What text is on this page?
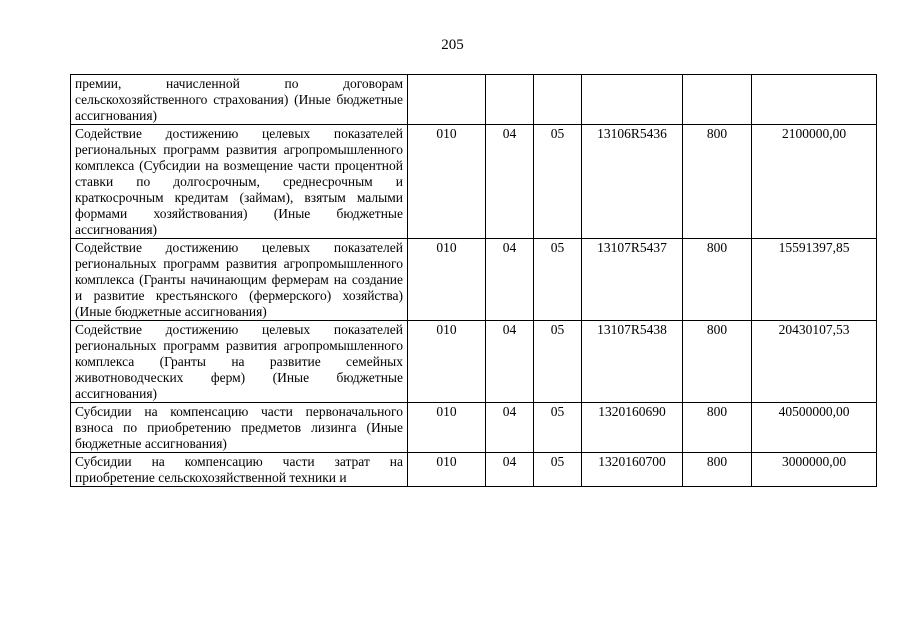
205
премии, начисленной по договорам сельскохозяйственного страхования) (Иные бюджетные ассигнования)						
Содействие достижению целевых показателей региональных программ развития агропромышленного комплекса (Субсидии на возмещение части процентной ставки по долгосрочным, среднесрочным и краткосрочным кредитам (займам), взятым малыми формами хозяйствования) (Иные бюджетные ассигнования)	010	04	05	13106R5436	800	2100000,00
Содействие достижению целевых показателей региональных программ развития агропромышленного комплекса (Гранты начинающим фермерам на создание и развитие крестьянского (фермерского) хозяйства) (Иные бюджетные ассигнования)	010	04	05	13107R5437	800	15591397,85
Содействие достижению целевых показателей региональных программ развития агропромышленного комплекса (Гранты на развитие семейных животноводческих ферм) (Иные бюджетные ассигнования)	010	04	05	13107R5438	800	20430107,53
Субсидии на компенсацию части первоначального взноса по приобретению предметов лизинга (Иные бюджетные ассигнования)	010	04	05	1320160690	800	40500000,00
Субсидии на компенсацию части затрат на приобретение сельскохозяйственной техники и	010	04	05	1320160700	800	3000000,00
